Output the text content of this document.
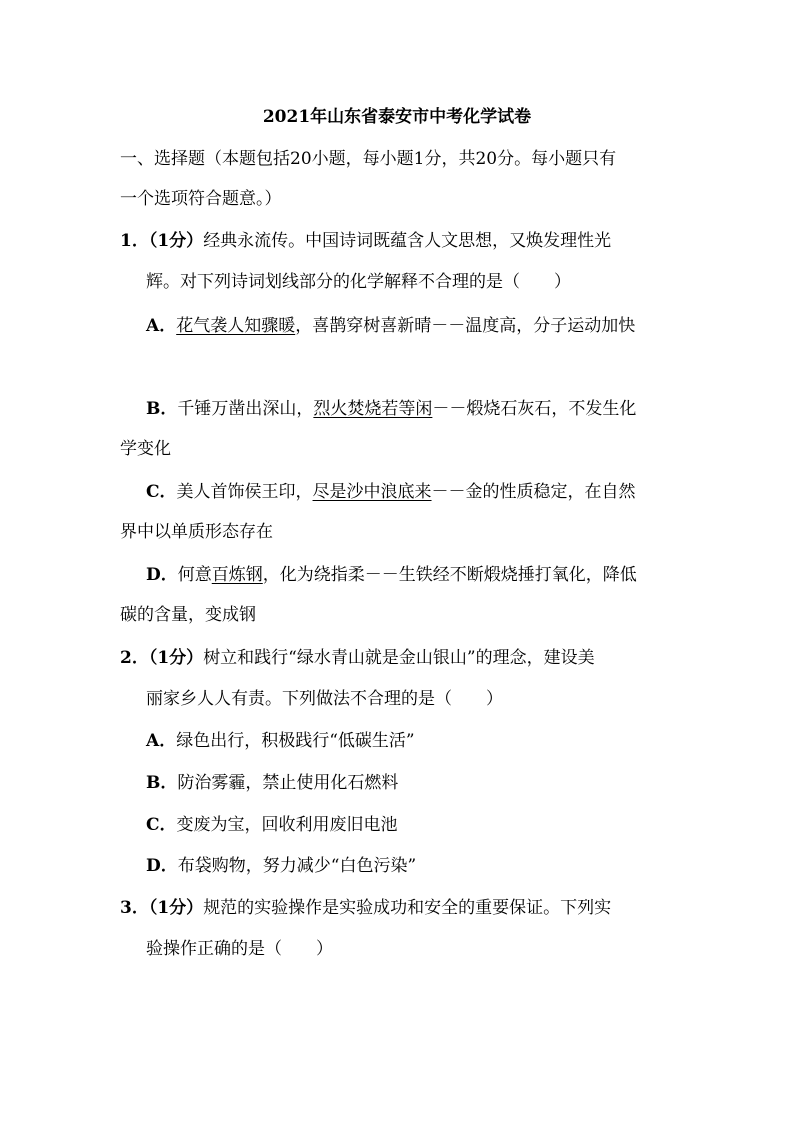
2021年山东省泰安市中考化学试卷
一、选择题（本题包括20小题，每小题1分，共20分。每小题只有
一个选项符合题意。）
1．（1分）经典永流传。中国诗词既蕴含人文思想，又焕发理性光
辉。对下列诗词划线部分的化学解释不合理的是（　　）
A．花气袭人知骤暖，喜鹊穿树喜新晴－－温度高，分子运动加快
B．千锤万凿出深山，烈火焚烧若等闲－－煅烧石灰石，不发生化
学变化
C．美人首饰侯王印，尽是沙中浪底来－－金的性质稳定，在自然
界中以单质形态存在
D．何意百炼钢，化为绕指柔－－生铁经不断煅烧捶打氧化，降低
碳的含量，变成钢
2．（1分）树立和践行“绿水青山就是金山银山”的理念，建设美
丽家乡人人有责。下列做法不合理的是（　　）
A．绿色出行，积极践行“低碳生活”
B．防治雾霾，禁止使用化石燃料
C．变废为宝，回收利用废旧电池
D．布袋购物，努力减少“白色污染”
3．（1分）规范的实验操作是实验成功和安全的重要保证。下列实
验操作正确的是（　　）
